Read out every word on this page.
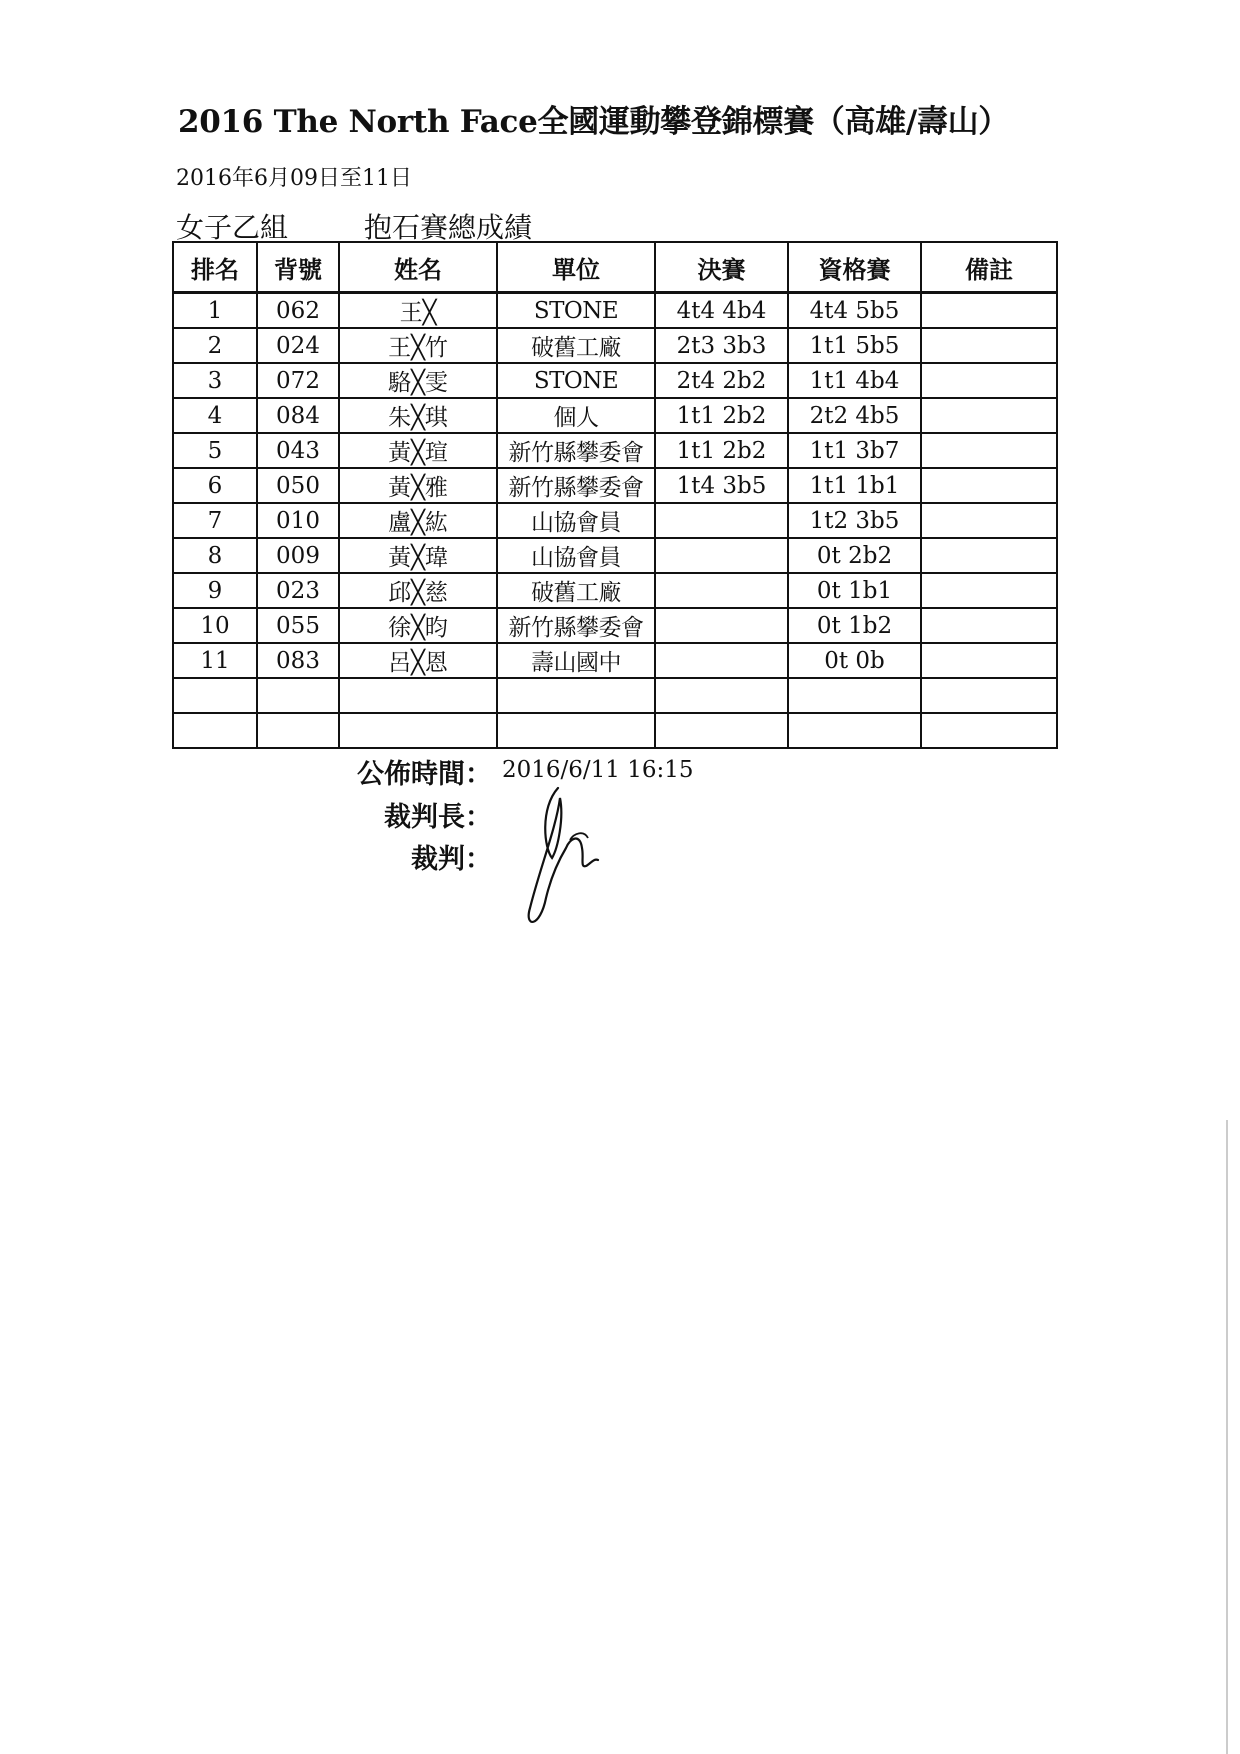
2016 The North Face全國運動攀登錦標賽（高雄/壽山）
2016年6月09日至11日
女子乙組	抱石賽總成績
排名	背號	姓名	單位	決賽	資格賽	備註
1	062	王╳	STONE	4t4 4b4	4t4 5b5	
2	024	王╳竹	破舊工廠	2t3 3b3	1t1 5b5	
3	072	駱╳雯	STONE	2t4 2b2	1t1 4b4	
4	084	朱╳琪	個人	1t1 2b2	2t2 4b5	
5	043	黃╳瑄	新竹縣攀委會	1t1 2b2	1t1 3b7	
6	050	黃╳雅	新竹縣攀委會	1t4 3b5	1t1 1b1	
7	010	盧╳紘	山協會員		1t2 3b5	
8	009	黃╳瑋	山協會員		0t 2b2	
9	023	邱╳慈	破舊工廠		0t 1b1	
10	055	徐╳昀	新竹縣攀委會		0t 1b2	
11	083	呂╳恩	壽山國中		0t 0b	

公佈時間： 2016/6/11 16:15
裁判長：
裁判：
